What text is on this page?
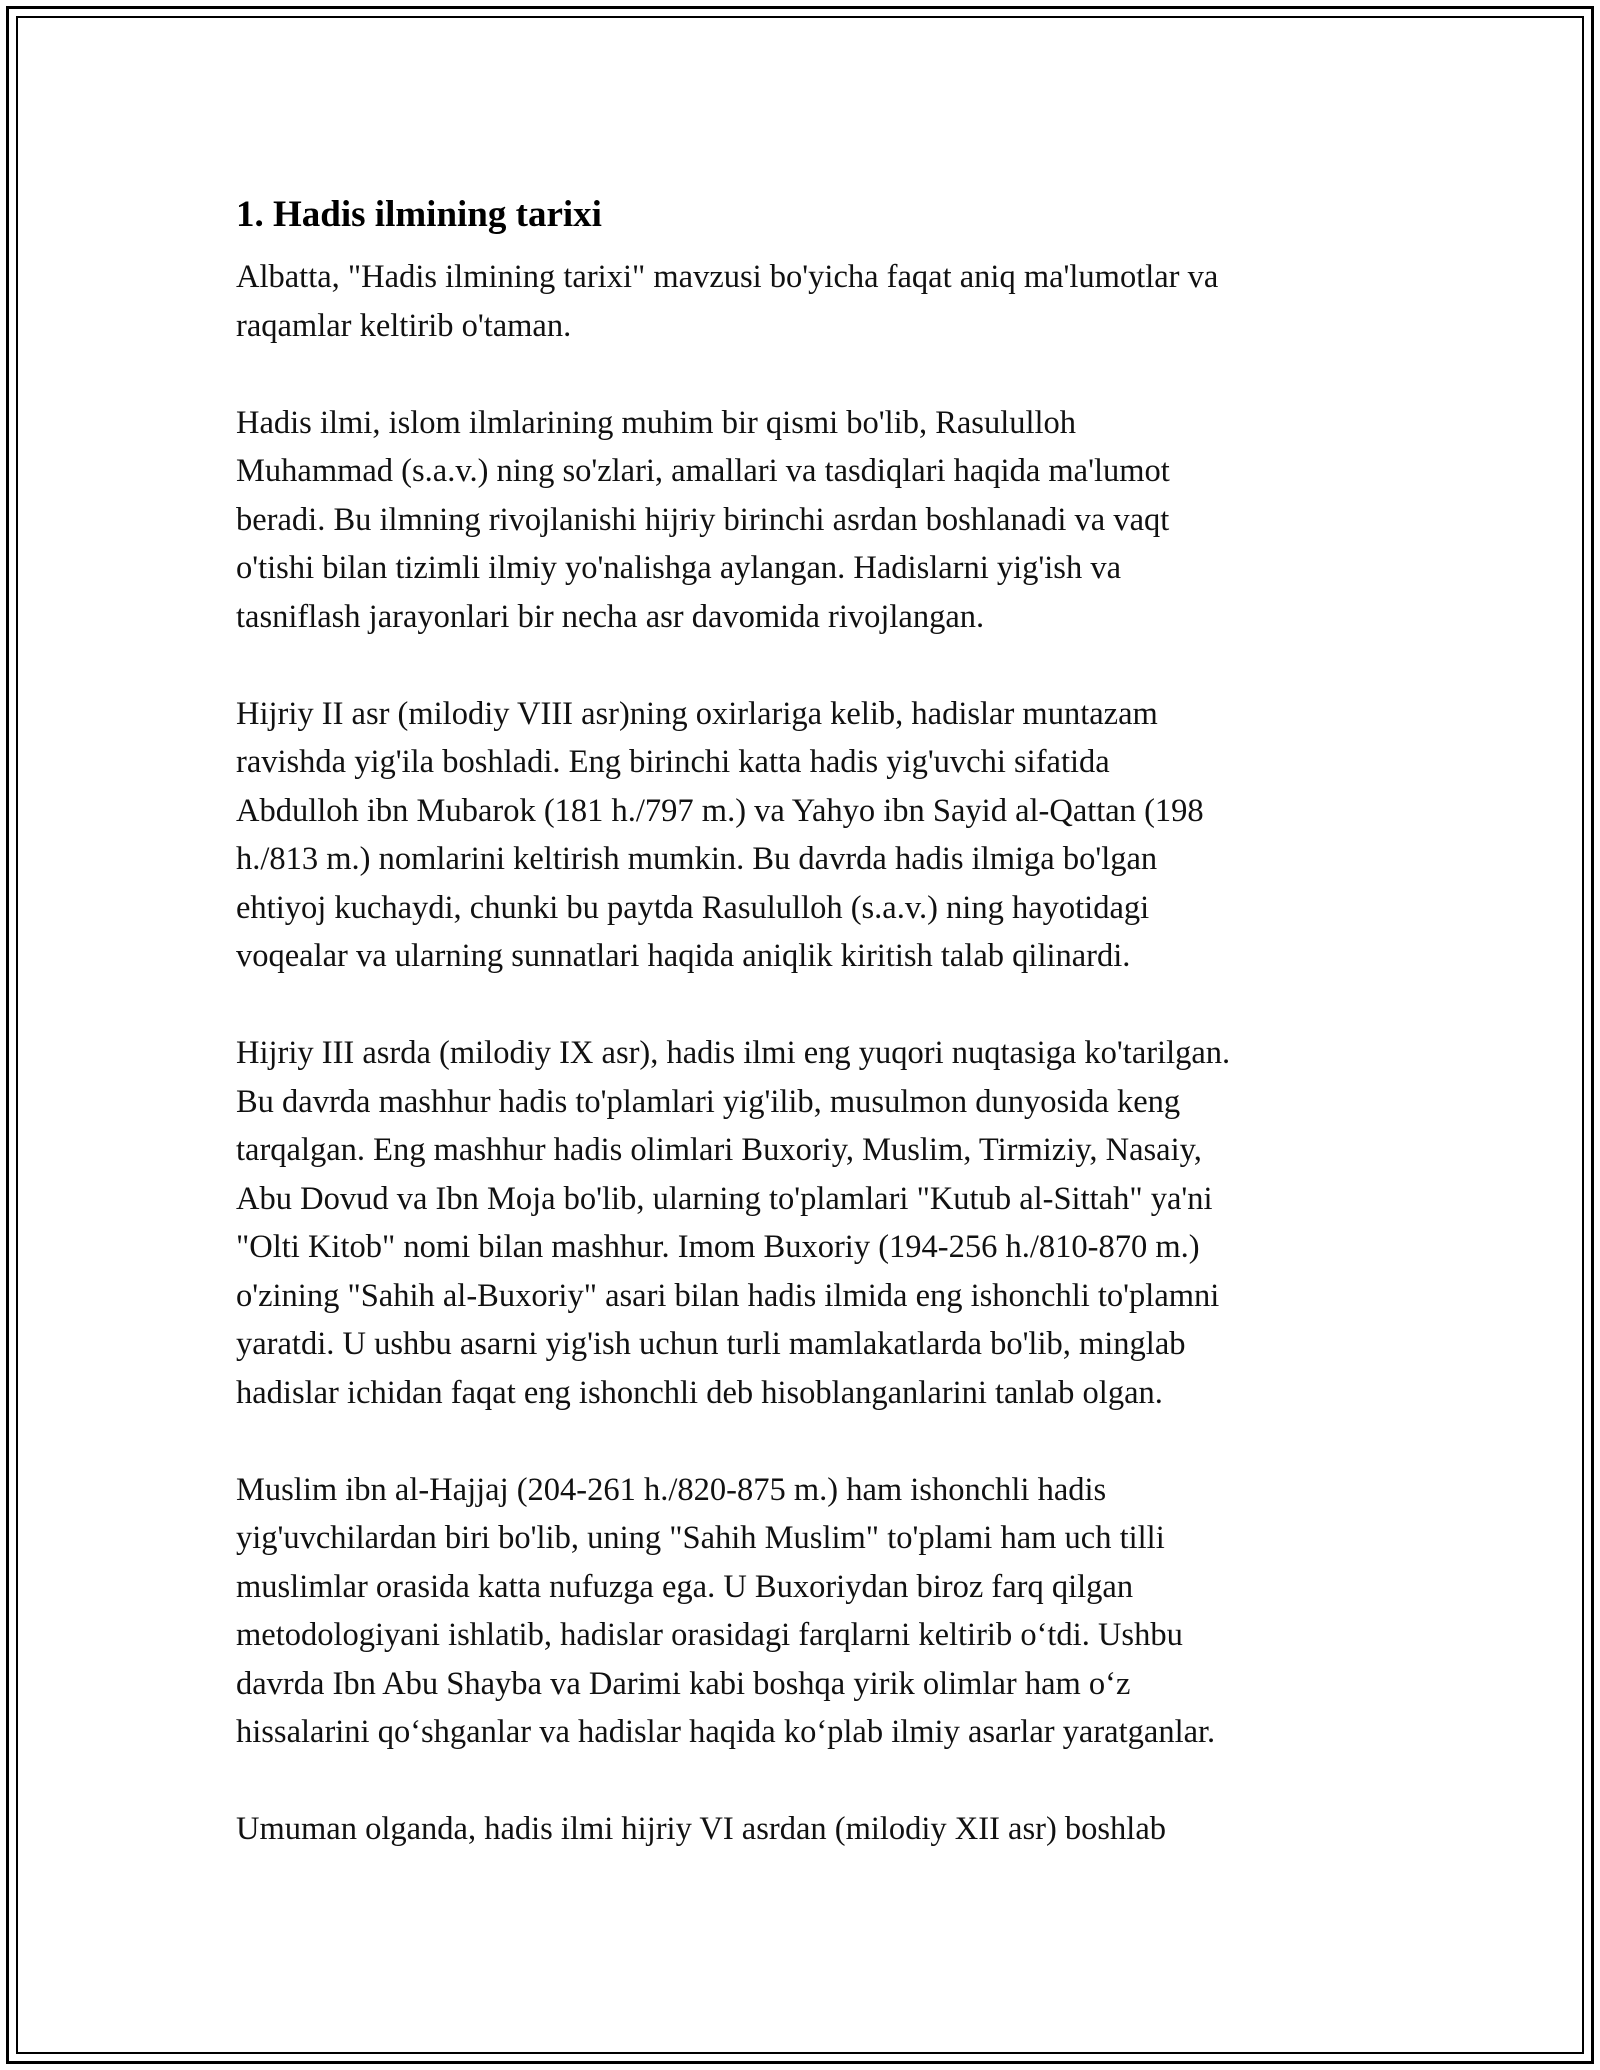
1. Hadis ilmining tarixi
Albatta, "Hadis ilmining tarixi" mavzusi bo'yicha faqat aniq ma'lumotlar va
raqamlar keltirib o'taman.
Hadis ilmi, islom ilmlarining muhim bir qismi bo'lib, Rasululloh
Muhammad (s.a.v.) ning so'zlari, amallari va tasdiqlari haqida ma'lumot
beradi. Bu ilmning rivojlanishi hijriy birinchi asrdan boshlanadi va vaqt
o'tishi bilan tizimli ilmiy yo'nalishga aylangan. Hadislarni yig'ish va
tasniflash jarayonlari bir necha asr davomida rivojlangan.
Hijriy II asr (milodiy VIII asr)ning oxirlariga kelib, hadislar muntazam
ravishda yig'ila boshladi. Eng birinchi katta hadis yig'uvchi sifatida
Abdulloh ibn Mubarok (181 h./797 m.) va Yahyo ibn Sayid al-Qattan (198
h./813 m.) nomlarini keltirish mumkin. Bu davrda hadis ilmiga bo'lgan
ehtiyoj kuchaydi, chunki bu paytda Rasululloh (s.a.v.) ning hayotidagi
voqealar va ularning sunnatlari haqida aniqlik kiritish talab qilinardi.
Hijriy III asrda (milodiy IX asr), hadis ilmi eng yuqori nuqtasiga ko'tarilgan.
Bu davrda mashhur hadis to'plamlari yig'ilib, musulmon dunyosida keng
tarqalgan. Eng mashhur hadis olimlari Buxoriy, Muslim, Tirmiziy, Nasaiy,
Abu Dovud va Ibn Moja bo'lib, ularning to'plamlari "Kutub al-Sittah" ya'ni
"Olti Kitob" nomi bilan mashhur. Imom Buxoriy (194-256 h./810-870 m.)
o'zining "Sahih al-Buxoriy" asari bilan hadis ilmida eng ishonchli to'plamni
yaratdi. U ushbu asarni yig'ish uchun turli mamlakatlarda bo'lib, minglab
hadislar ichidan faqat eng ishonchli deb hisoblanganlarini tanlab olgan.
Muslim ibn al-Hajjaj (204-261 h./820-875 m.) ham ishonchli hadis
yig'uvchilardan biri bo'lib, uning "Sahih Muslim" to'plami ham uch tilli
muslimlar orasida katta nufuzga ega. U Buxoriydan biroz farq qilgan
metodologiyani ishlatib, hadislar orasidagi farqlarni keltirib o‘tdi. Ushbu
davrda Ibn Abu Shayba va Darimi kabi boshqa yirik olimlar ham o‘z
hissalarini qo‘shganlar va hadislar haqida ko‘plab ilmiy asarlar yaratganlar.
Umuman olganda, hadis ilmi hijriy VI asrdan (milodiy XII asr) boshlab
